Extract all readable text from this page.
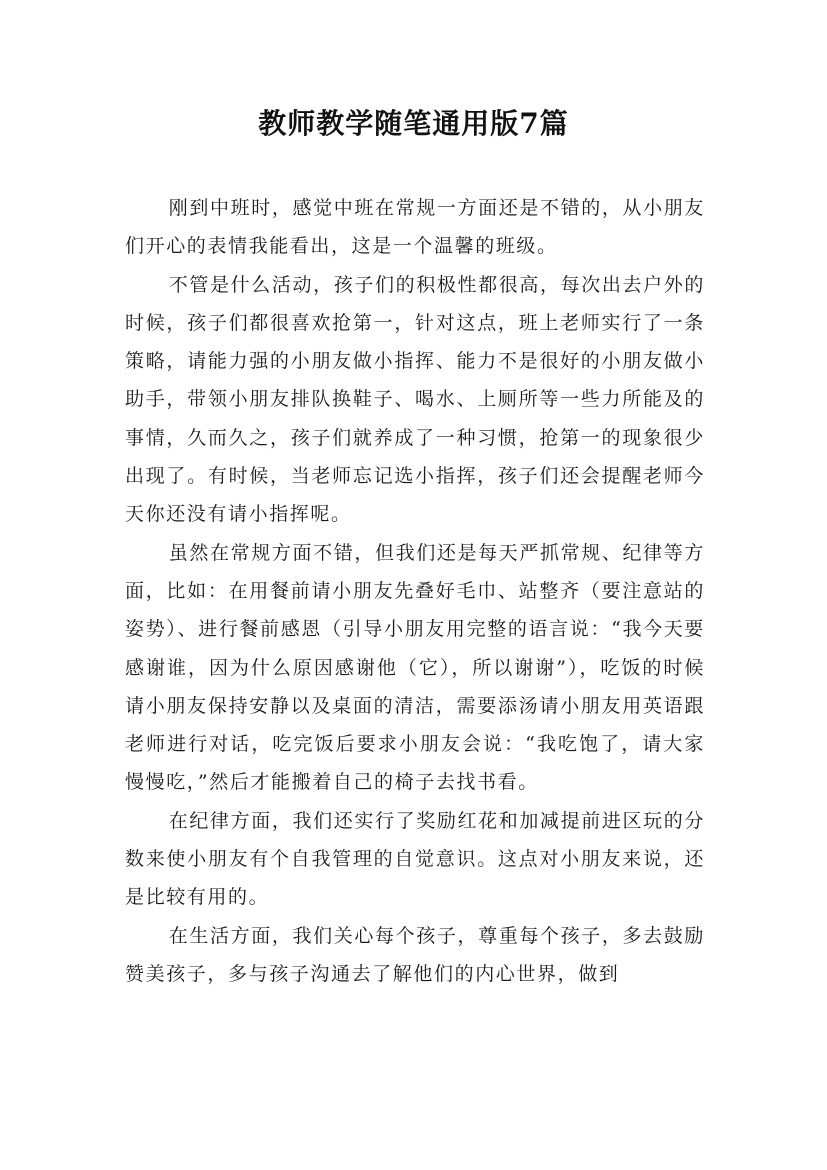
教师教学随笔通用版7篇

刚到中班时，感觉中班在常规一方面还是不错的，从小朋友们开心的表情我能看出，这是一个温馨的班级。

不管是什么活动，孩子们的积极性都很高，每次出去户外的时候，孩子们都很喜欢抢第一，针对这点，班上老师实行了一条策略，请能力强的小朋友做小指挥、能力不是很好的小朋友做小助手，带领小朋友排队换鞋子、喝水、上厕所等一些力所能及的事情，久而久之，孩子们就养成了一种习惯，抢第一的现象很少出现了。有时候，当老师忘记选小指挥，孩子们还会提醒老师今天你还没有请小指挥呢。

虽然在常规方面不错，但我们还是每天严抓常规、纪律等方面，比如：在用餐前请小朋友先叠好毛巾、站整齐（要注意站的姿势）、进行餐前感恩（引导小朋友用完整的语言说：“我今天要感谢谁，因为什么原因感谢他（它），所以谢谢”），吃饭的时候请小朋友保持安静以及桌面的清洁，需要添汤请小朋友用英语跟老师进行对话，吃完饭后要求小朋友会说：“我吃饱了，请大家慢慢吃，”然后才能搬着自己的椅子去找书看。

在纪律方面，我们还实行了奖励红花和加减提前进区玩的分数来使小朋友有个自我管理的自觉意识。这点对小朋友来说，还是比较有用的。

在生活方面，我们关心每个孩子，尊重每个孩子，多去鼓励赞美孩子，多与孩子沟通去了解他们的内心世界，做到
